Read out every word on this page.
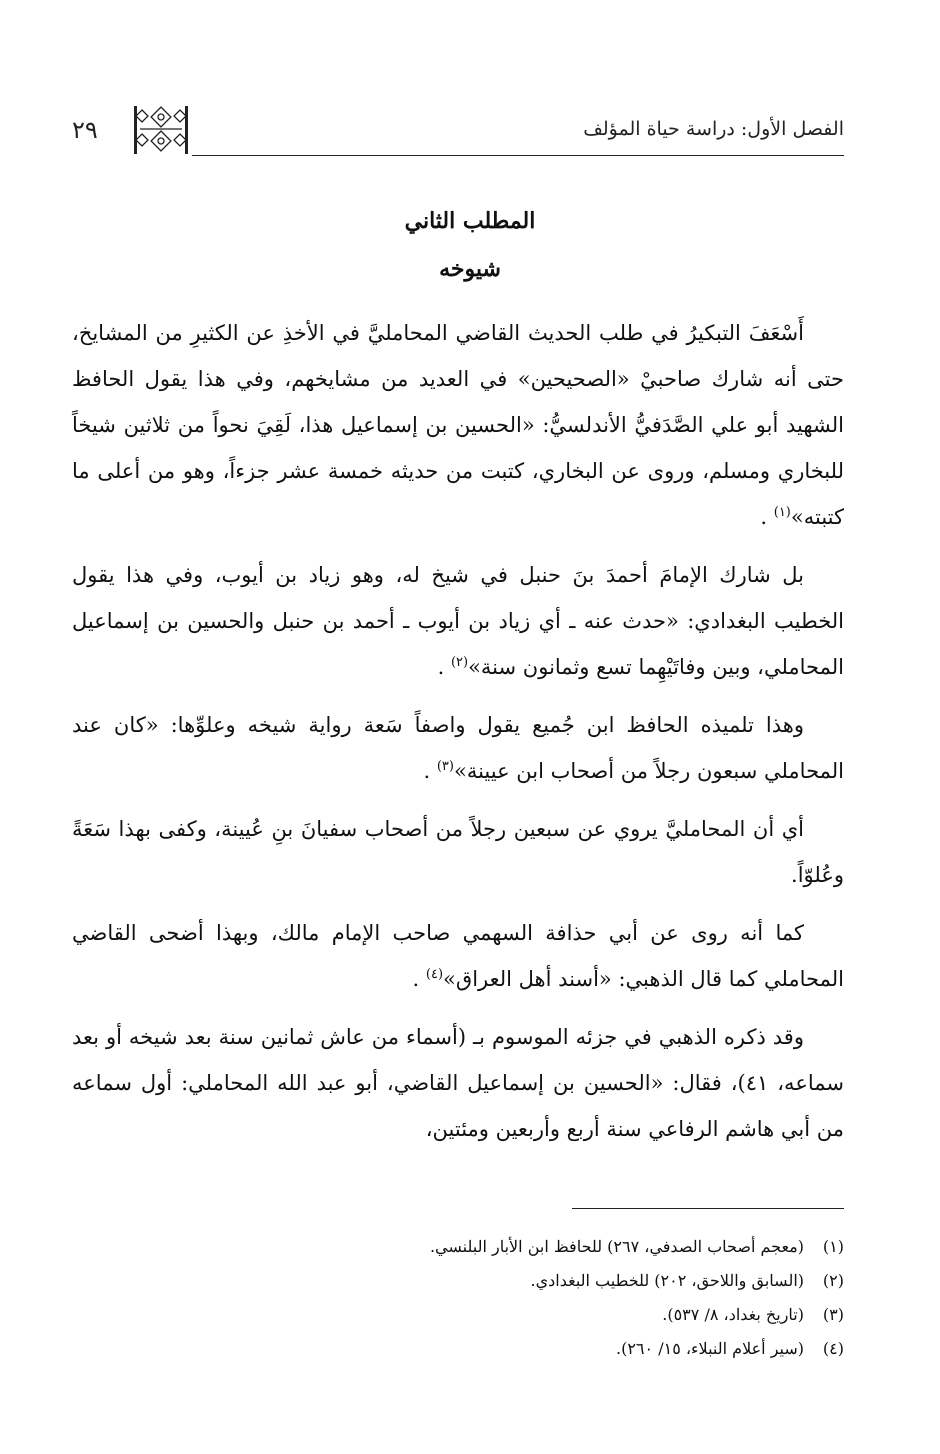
الفصل الأول: دراسة حياة المؤلف
٢٩
المطلب الثاني
شيوخه

أَسْعَفَ التبكيرُ في طلب الحديث القاضي المحامليَّ في الأخذِ عن الكثيرِ من المشايخ، حتى أنه شارك صاحبيْ «الصحيحين» في العديد من مشايخهم، وفي هذا يقول الحافظ الشهيد أبو علي الصَّدَفيُّ الأندلسيُّ: «الحسين بن إسماعيل هذا، لَقِيَ نحواً من ثلاثين شيخاً للبخاري ومسلم، وروى عن البخاري، كتبت من حديثه خمسة عشر جزءاً، وهو من أعلى ما كتبته»$^{(١)}$ .

بل شارك الإمامَ أحمدَ بنَ حنبل في شيخ له، وهو زياد بن أيوب، وفي هذا يقول الخطيب البغدادي: «حدث عنه ـ أي زياد بن أيوب ـ أحمد بن حنبل والحسين بن إسماعيل المحاملي، وبين وفاتَيْهِما تسع وثمانون سنة»$^{(٢)}$ .

وهذا تلميذه الحافظ ابن جُميع يقول واصفاً سَعة رواية شيخه وعلوِّها: «كان عند المحاملي سبعون رجلاً من أصحاب ابن عيينة»$^{(٣)}$ .

أي أن المحامليَّ يروي عن سبعين رجلاً من أصحاب سفيانَ بنِ عُيينة، وكفى بهذا سَعَةً وعُلوّاً.

كما أنه روى عن أبي حذافة السهمي صاحب الإمام مالك، وبهذا أضحى القاضي المحاملي كما قال الذهبي: «أسند أهل العراق»$^{(٤)}$ .

وقد ذكره الذهبي في جزئه الموسوم بـ (أسماء من عاش ثمانين سنة بعد شيخه أو بعد سماعه، ٤١)، فقال: «الحسين بن إسماعيل القاضي، أبو عبد الله المحاملي: أول سماعه من أبي هاشم الرفاعي سنة أربع وأربعين ومئتين،

(١)(معجم أصحاب الصدفي، ٢٦٧) للحافظ ابن الأبار البلنسي.
(٢)(السابق واللاحق، ٢٠٢) للخطيب البغدادي.
(٣)(تاريخ بغداد، ٨/ ٥٣٧).
(٤)(سير أعلام النبلاء، ١٥/ ٢٦٠).
